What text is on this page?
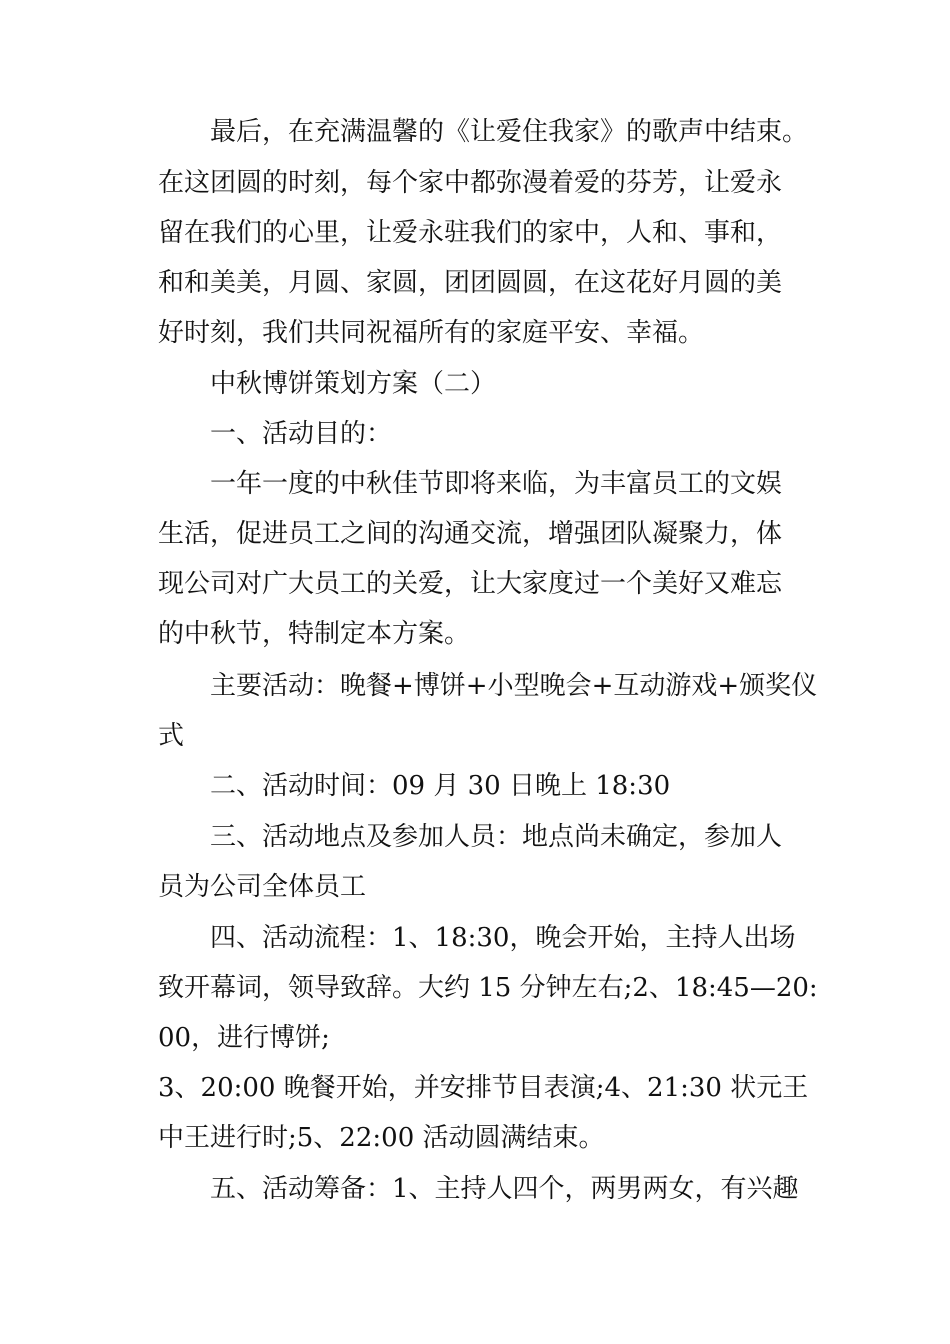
最后，在充满温馨的《让爱住我家》的歌声中结束。
在这团圆的时刻，每个家中都弥漫着爱的芬芳，让爱永
留在我们的心里，让爱永驻我们的家中，人和、事和，
和和美美，月圆、家圆，团团圆圆，在这花好月圆的美
好时刻，我们共同祝福所有的家庭平安、幸福。
中秋博饼策划方案（二）
一、活动目的：
一年一度的中秋佳节即将来临，为丰富员工的文娱
生活，促进员工之间的沟通交流，增强团队凝聚力，体
现公司对广大员工的关爱，让大家度过一个美好又难忘
的中秋节，特制定本方案。
主要活动：晚餐+博饼+小型晚会+互动游戏+颁奖仪
式
二、活动时间：09 月 30 日晚上 18:30
三、活动地点及参加人员：地点尚未确定，参加人
员为公司全体员工
四、活动流程：1、18:30，晚会开始，主持人出场
致开幕词，领导致辞。大约 15 分钟左右;2、18:45—20:
00，进行博饼;
3、20:00 晚餐开始，并安排节目表演;4、21:30 状元王
中王进行时;5、22:00 活动圆满结束。
五、活动筹备：1、主持人四个，两男两女，有兴趣
